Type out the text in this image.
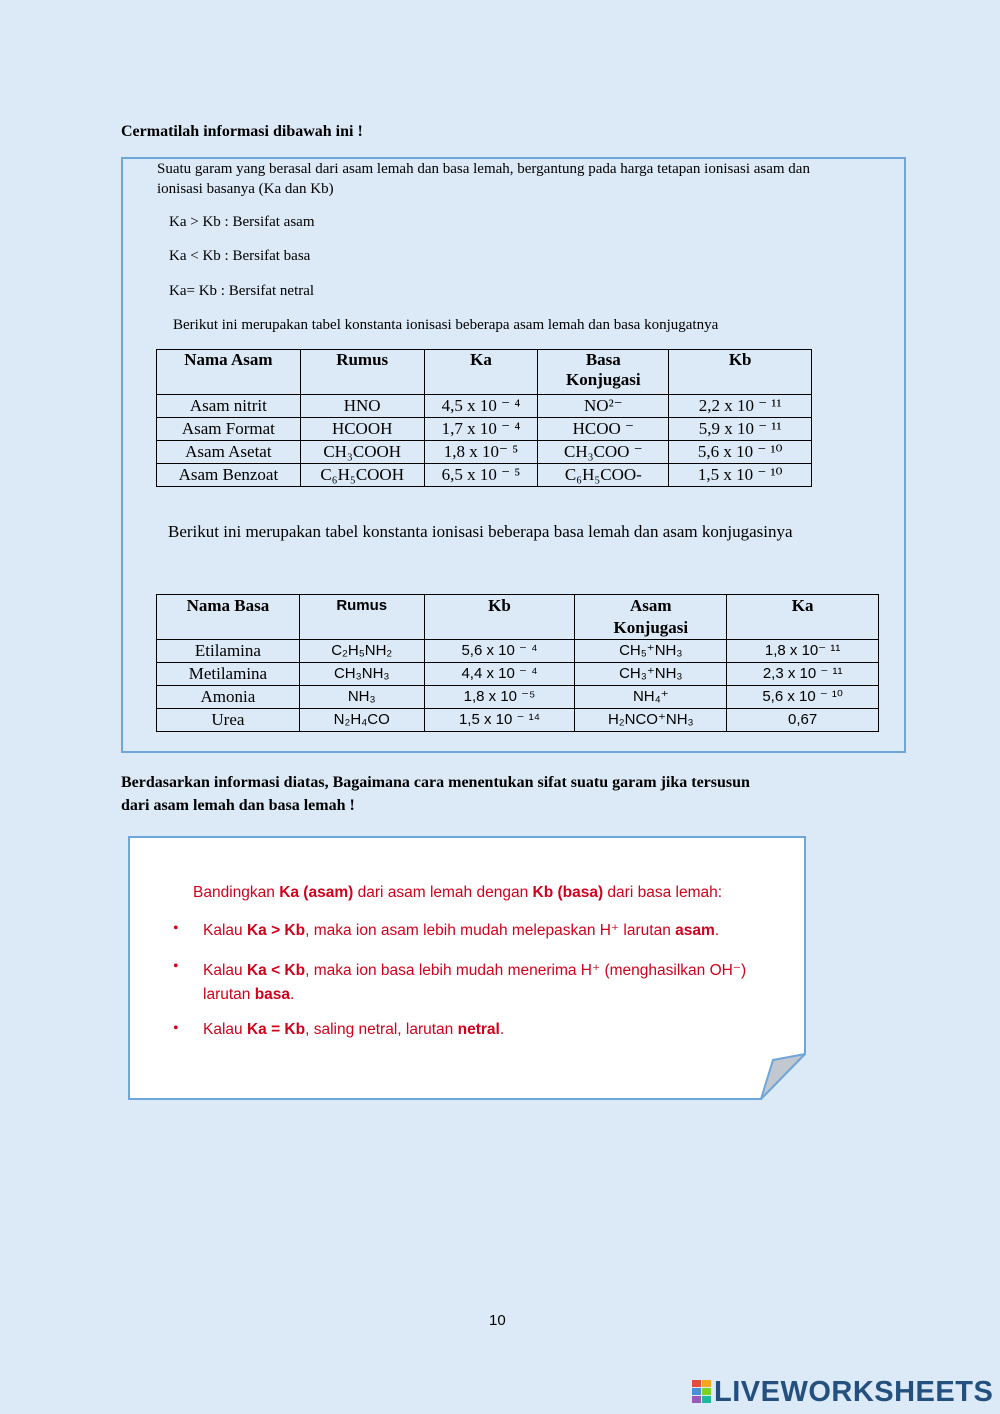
Cermatilah informasi dibawah ini !
Suatu garam yang berasal dari asam lemah dan basa lemah, bergantung pada harga tetapan ionisasi asam dan
ionisasi basanya (Ka dan Kb)
Ka > Kb : Bersifat asam
Ka < Kb : Bersifat basa
Ka= Kb : Bersifat netral
Berikut ini merupakan tabel konstanta ionisasi beberapa asam lemah dan basa konjugatnya
Nama Asam	Rumus	Ka	Basa Konjugasi	Kb
Asam nitrit	HNO	4,5 x 10 ⁻ ⁴	NO²⁻	2,2 x 10 ⁻ ¹¹
Asam Format	HCOOH	1,7 x 10 ⁻ ⁴	HCOO ⁻	5,9 x 10 ⁻ ¹¹
Asam Asetat	CH₃COOH	1,8 x 10⁻ ⁵	CH₃COO ⁻	5,6 x 10 ⁻ ¹⁰
Asam Benzoat	C₆H₅COOH	6,5 x 10 ⁻ ⁵	C₆H₅COO-	1,5 x 10 ⁻ ¹⁰
Berikut ini merupakan tabel konstanta ionisasi beberapa basa lemah dan asam konjugasinya
Nama Basa	Rumus	Kb	Asam Konjugasi	Ka
Etilamina	C₂H₅NH₂	5,6 x 10 ⁻ ⁴	CH₅⁺NH₃	1,8 x 10⁻ ¹¹
Metilamina	CH₃NH₃	4,4 x 10 ⁻ ⁴	CH₃⁺NH₃	2,3 x 10 ⁻ ¹¹
Amonia	NH₃	1,8 x 10 ⁻⁵	NH₄⁺	5,6 x 10 ⁻ ¹⁰
Urea	N₂H₄CO	1,5 x 10 ⁻ ¹⁴	H₂NCO⁺NH₃	0,67
Berdasarkan informasi diatas, Bagaimana cara menentukan sifat suatu garam jika tersusun
dari asam lemah dan basa lemah !
Bandingkan Ka (asam) dari asam lemah dengan Kb (basa) dari basa lemah:
• Kalau Ka > Kb, maka ion asam lebih mudah melepaskan H⁺ larutan asam.
• Kalau Ka < Kb, maka ion basa lebih mudah menerima H⁺ (menghasilkan OH⁻)
larutan basa.
• Kalau Ka = Kb, saling netral, larutan netral.
10
LIVEWORKSHEETS
